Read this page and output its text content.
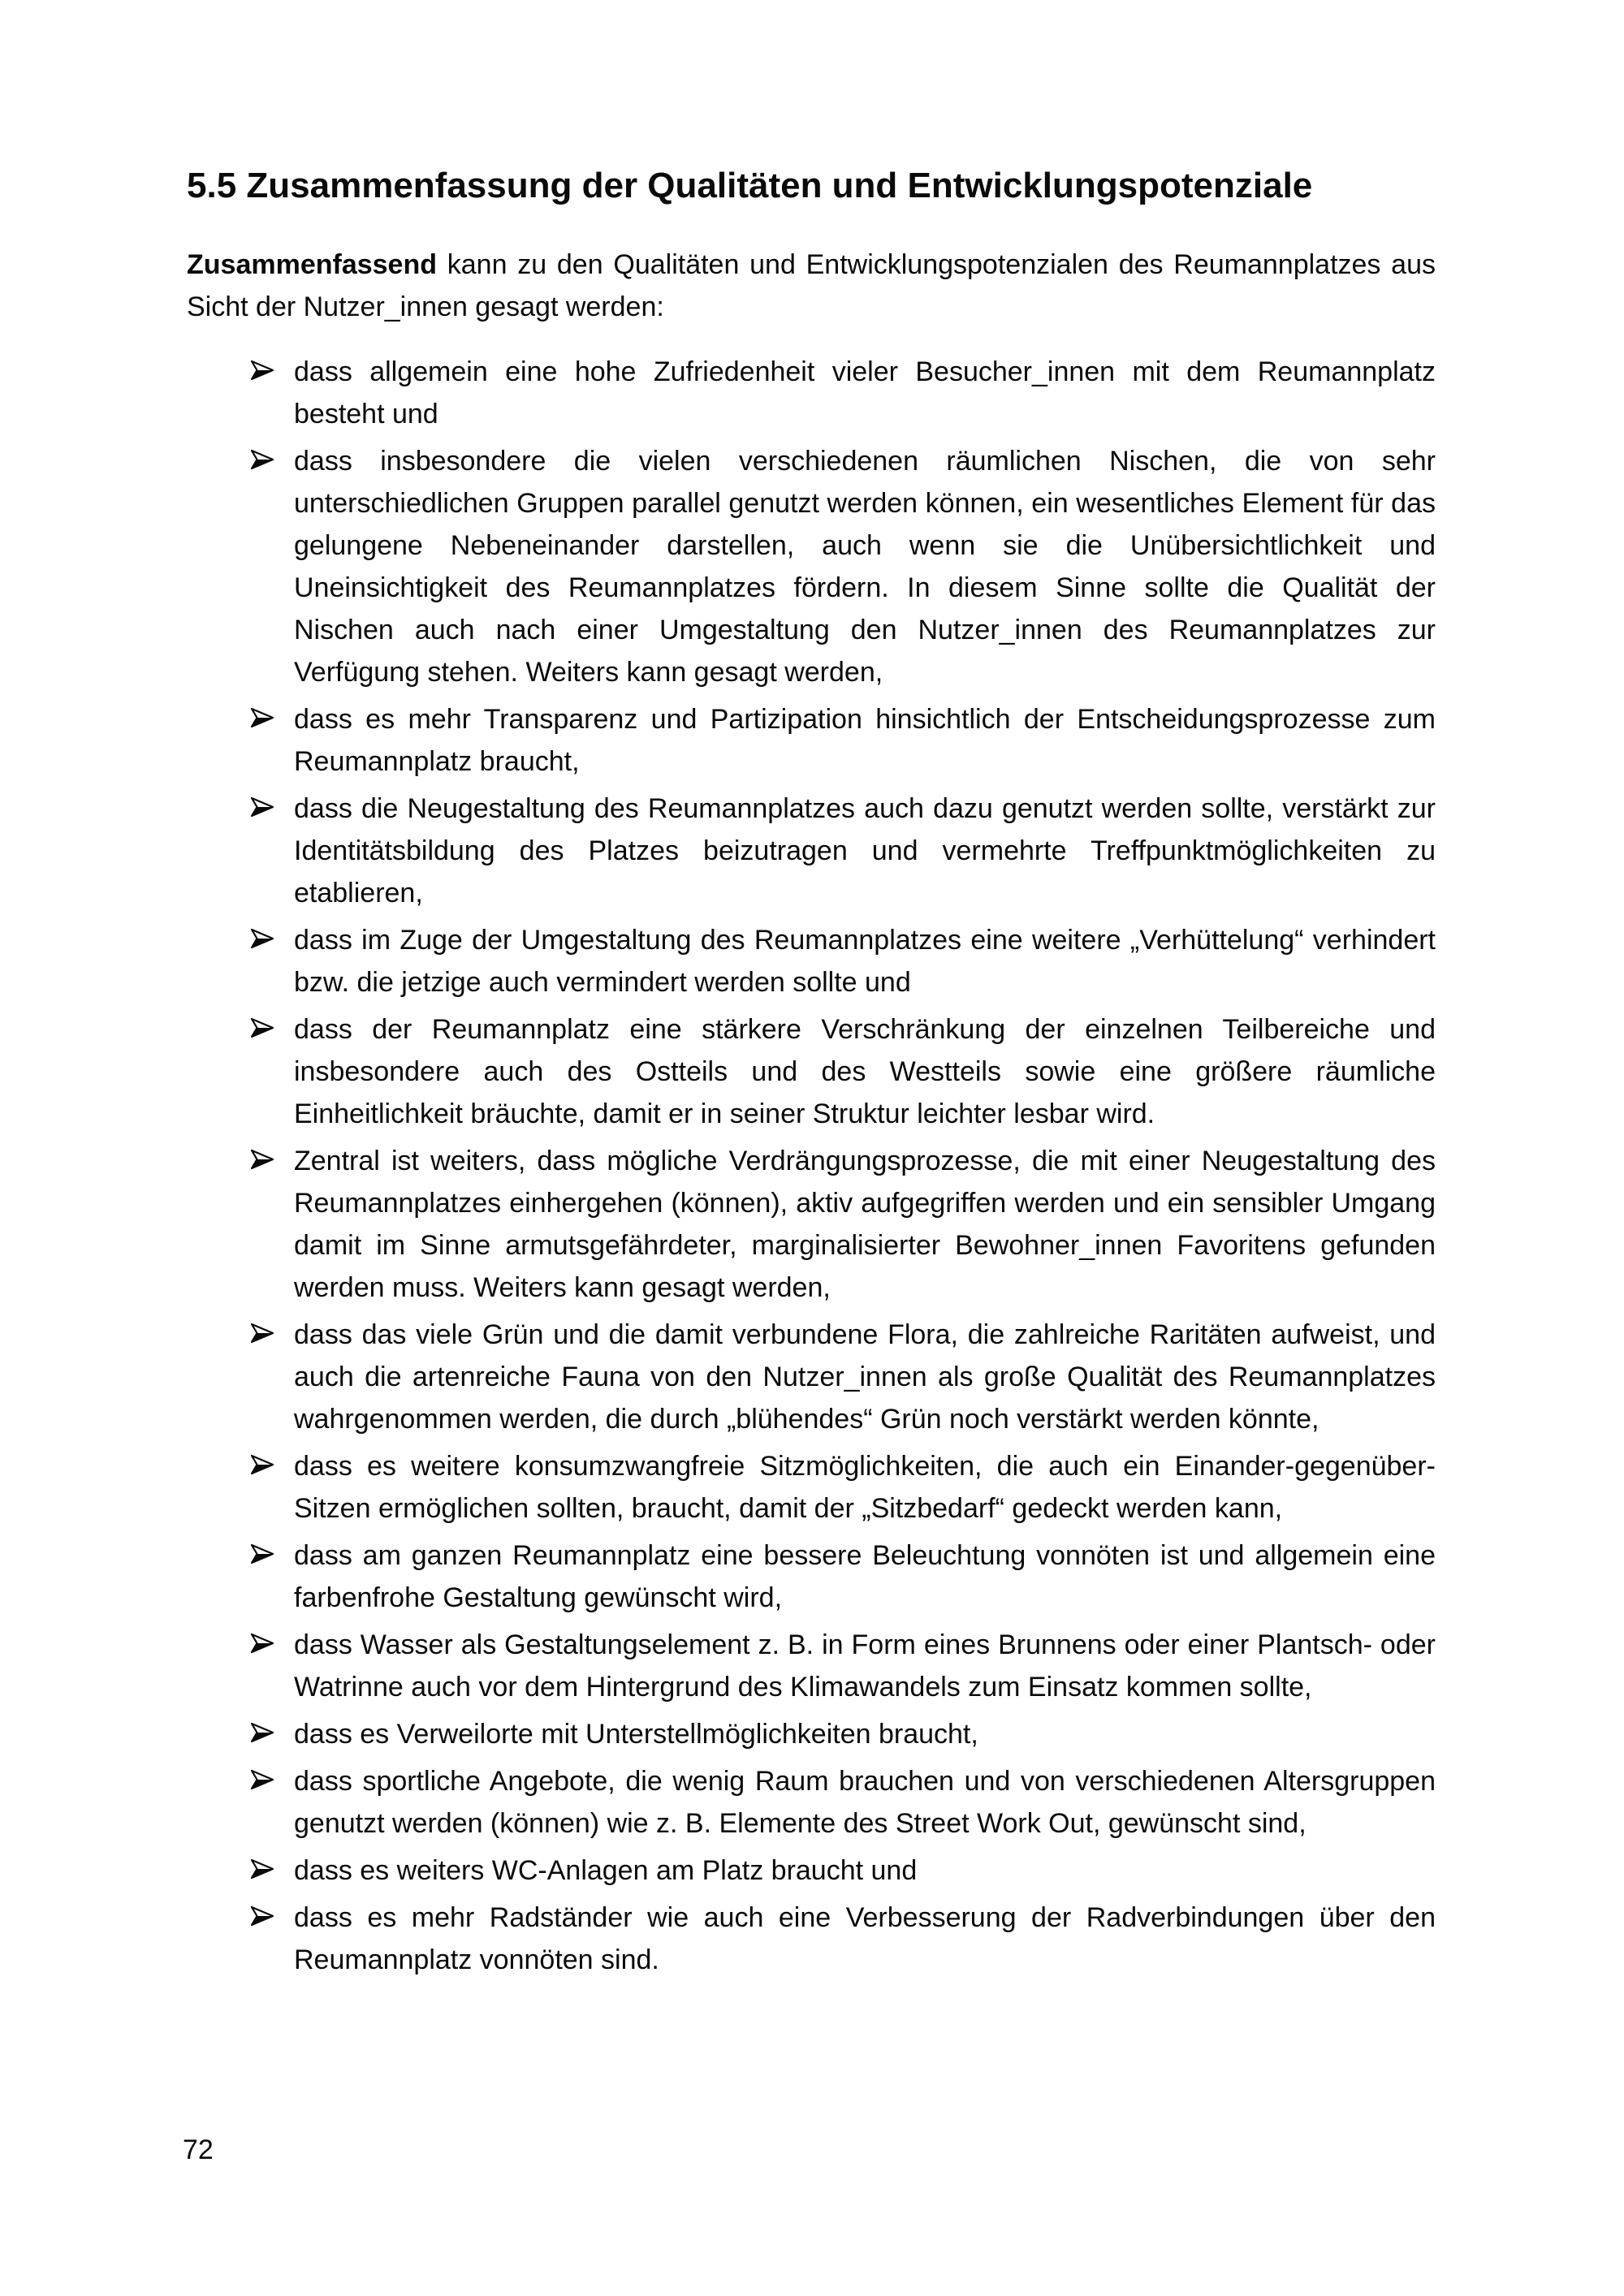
5.5 Zusammenfassung der Qualitäten und Entwicklungspotenziale

Zusammenfassend kann zu den Qualitäten und Entwicklungspotenzialen des Reumannplatzes aus Sicht der Nutzer_innen gesagt werden:

dass allgemein eine hohe Zufriedenheit vieler Besucher_innen mit dem Reumannplatz besteht und
dass insbesondere die vielen verschiedenen räumlichen Nischen, die von sehr unterschiedlichen Gruppen parallel genutzt werden können, ein wesentliches Element für das gelungene Nebeneinander darstellen, auch wenn sie die Unübersichtlichkeit und Uneinsichtigkeit des Reumannplatzes fördern. In diesem Sinne sollte die Qualität der Nischen auch nach einer Umgestaltung den Nutzer_innen des Reumannplatzes zur Verfügung stehen. Weiters kann gesagt werden,
dass es mehr Transparenz und Partizipation hinsichtlich der Entscheidungsprozesse zum Reumannplatz braucht,
dass die Neugestaltung des Reumannplatzes auch dazu genutzt werden sollte, verstärkt zur Identitätsbildung des Platzes beizutragen und vermehrte Treffpunktmöglichkeiten zu etablieren,
dass im Zuge der Umgestaltung des Reumannplatzes eine weitere „Verhüttelung“ verhindert bzw. die jetzige auch vermindert werden sollte und
dass der Reumannplatz eine stärkere Verschränkung der einzelnen Teilbereiche und insbesondere auch des Ostteils und des Westteils sowie eine größere räumliche Einheitlichkeit bräuchte, damit er in seiner Struktur leichter lesbar wird.
Zentral ist weiters, dass mögliche Verdrängungsprozesse, die mit einer Neugestaltung des Reumannplatzes einhergehen (können), aktiv aufgegriffen werden und ein sensibler Umgang damit im Sinne armutsgefährdeter, marginalisierter Bewohner_innen Favoritens gefunden werden muss. Weiters kann gesagt werden,
dass das viele Grün und die damit verbundene Flora, die zahlreiche Raritäten aufweist, und auch die artenreiche Fauna von den Nutzer_innen als große Qualität des Reumannplatzes wahrgenommen werden, die durch „blühendes“ Grün noch verstärkt werden könnte,
dass es weitere konsumzwangfreie Sitzmöglichkeiten, die auch ein Einander-gegenüber-Sitzen ermöglichen sollten, braucht, damit der „Sitzbedarf“ gedeckt werden kann,
dass am ganzen Reumannplatz eine bessere Beleuchtung vonnöten ist und allgemein eine farbenfrohe Gestaltung gewünscht wird,
dass Wasser als Gestaltungselement z. B. in Form eines Brunnens oder einer Plantsch- oder Watrinne auch vor dem Hintergrund des Klimawandels zum Einsatz kommen sollte,
dass es Verweilorte mit Unterstellmöglichkeiten braucht,
dass sportliche Angebote, die wenig Raum brauchen und von verschiedenen Altersgruppen genutzt werden (können) wie z. B. Elemente des Street Work Out, gewünscht sind,
dass es weiters WC-Anlagen am Platz braucht und
dass es mehr Radständer wie auch eine Verbesserung der Radverbindungen über den Reumannplatz vonnöten sind.
72
